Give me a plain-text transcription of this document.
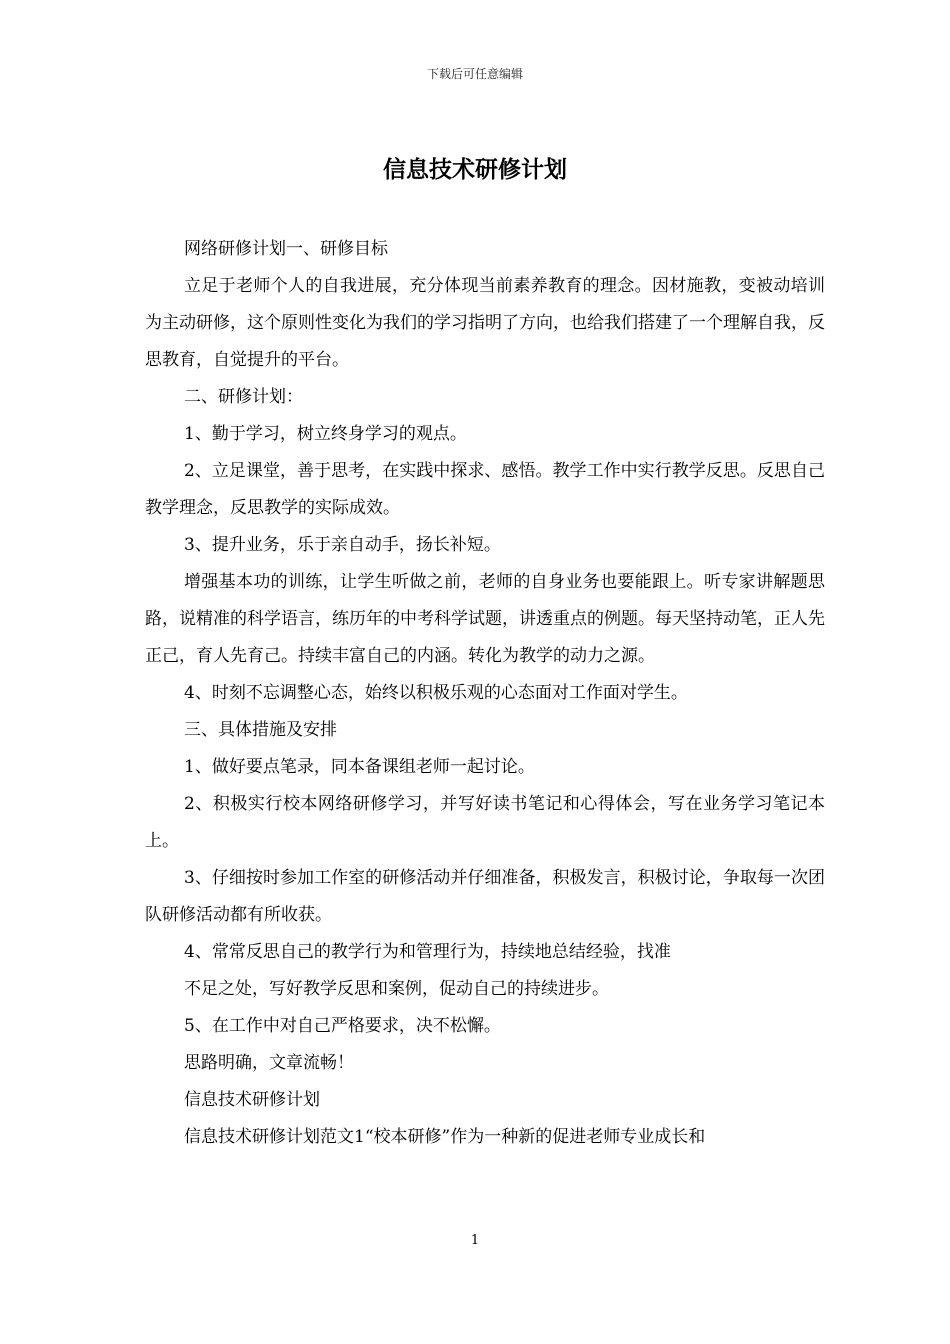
下载后可任意编辑
信息技术研修计划

网络研修计划一、研修目标

立足于老师个人的自我进展，充分体现当前素养教育的理念。因材施教，变被动培训为主动研修，这个原则性变化为我们的学习指明了方向，也给我们搭建了一个理解自我，反思教育，自觉提升的平台。

二、研修计划：

1、勤于学习，树立终身学习的观点。

2、立足课堂，善于思考，在实践中探求、感悟。教学工作中实行教学反思。反思自己教学理念，反思教学的实际成效。

3、提升业务，乐于亲自动手，扬长补短。

增强基本功的训练，让学生听做之前，老师的自身业务也要能跟上。听专家讲解题思路，说精准的科学语言，练历年的中考科学试题，讲透重点的例题。每天坚持动笔，正人先正己，育人先育己。持续丰富自己的内涵。转化为教学的动力之源。

4、时刻不忘调整心态，始终以积极乐观的心态面对工作面对学生。

三、具体措施及安排

1、做好要点笔录，同本备课组老师一起讨论。

2、积极实行校本网络研修学习，并写好读书笔记和心得体会，写在业务学习笔记本上。

3、仔细按时参加工作室的研修活动并仔细准备，积极发言，积极讨论，争取每一次团队研修活动都有所收获。

4、常常反思自己的教学行为和管理行为，持续地总结经验，找准

不足之处，写好教学反思和案例，促动自己的持续进步。

5、在工作中对自己严格要求，决不松懈。

思路明确，文章流畅！

信息技术研修计划

信息技术研修计划范文1“校本研修”作为一种新的促进老师专业成长和

1
